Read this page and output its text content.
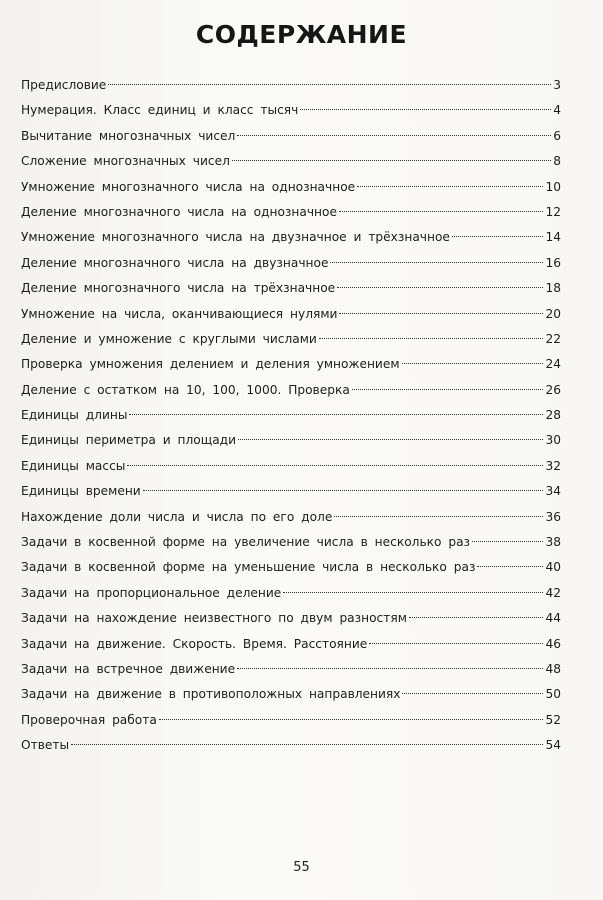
СОДЕРЖАНИЕ
Предисловие	3
Нумерация. Класс единиц и класс тысяч	4
Вычитание многозначных чисел	6
Сложение многозначных чисел	8
Умножение многозначного числа на однозначное	10
Деление многозначного числа на однозначное	12
Умножение многозначного числа на двузначное и трёхзначное	14
Деление многозначного числа на двузначное	16
Деление многозначного числа на трёхзначное	18
Умножение на числа, оканчивающиеся нулями	20
Деление и умножение с круглыми числами	22
Проверка умножения делением и деления умножением	24
Деление с остатком на 10, 100, 1000. Проверка	26
Единицы длины	28
Единицы периметра и площади	30
Единицы массы	32
Единицы времени	34
Нахождение доли числа и числа по его доле	36
Задачи в косвенной форме на увеличение числа в несколько раз	38
Задачи в косвенной форме на уменьшение числа в несколько раз	40
Задачи на пропорциональное деление	42
Задачи на нахождение неизвестного по двум разностям	44
Задачи на движение. Скорость. Время. Расстояние	46
Задачи на встречное движение	48
Задачи на движение в противоположных направлениях	50
Проверочная работа	52
Ответы	54
55
